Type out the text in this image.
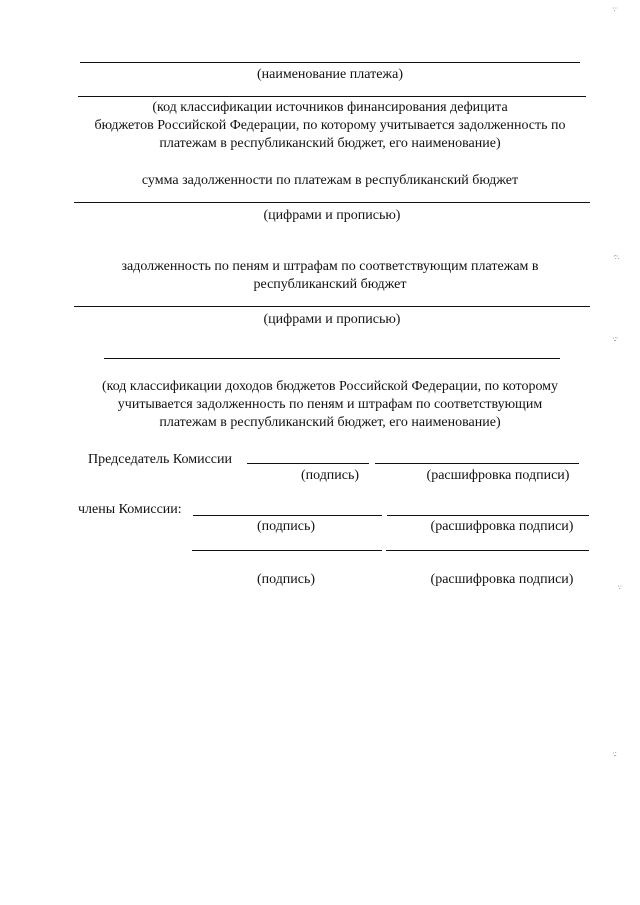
(наименование платежа)
(код классификации источников финансирования дефицита
бюджетов Российской Федерации, по которому учитывается задолженность по
платежам в республиканский бюджет, его наименование)
сумма задолженности по платежам в республиканский бюджет
(цифрами и прописью)
задолженность по пеням и штрафам по соответствующим платежам в
республиканский бюджет
(цифрами и прописью)
(код классификации доходов бюджетов Российской Федерации, по которому
учитывается задолженность по пеням и штрафам по соответствующим
платежам в республиканский бюджет, его наименование)
Председатель Комиссии
(подпись)	(расшифровка подписи)
члены Комиссии:
(подпись)	(расшифровка подписи)
(подпись)	(расшифровка подписи)
·.·
·:·.
·.:·
·.·
·.:
